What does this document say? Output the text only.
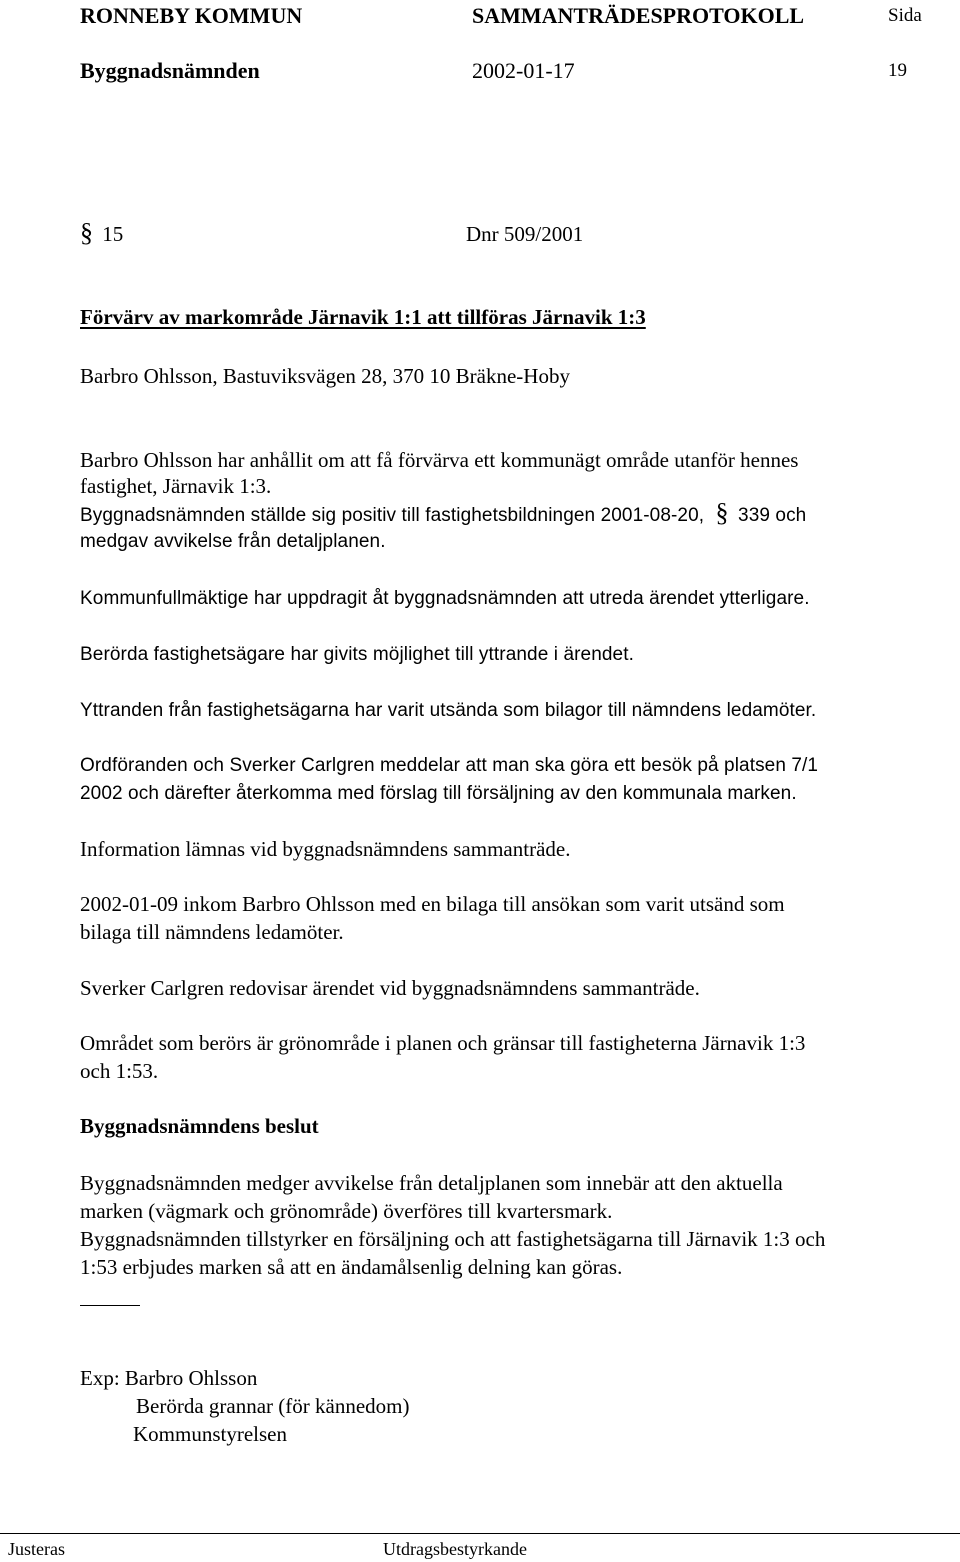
RONNEBY KOMMUN	SAMMANTRÄDESPROTOKOLL	Sida
Byggnadsnämnden	2002-01-17	19
§ 15	Dnr 509/2001
Förvärv av markområde Järnavik 1:1 att tillföras Järnavik 1:3
Barbro Ohlsson, Bastuviksvägen 28, 370 10 Bräkne-Hoby
Barbro Ohlsson har anhållit om att få förvärva ett kommunägt område utanför hennes
fastighet, Järnavik 1:3.
Byggnadsnämnden ställde sig positiv till fastighetsbildningen 2001-08-20, § 339 och
medgav avvikelse från detaljplanen.
Kommunfullmäktige har uppdragit åt byggnadsnämnden att utreda ärendet ytterligare.
Berörda fastighetsägare har givits möjlighet till yttrande i ärendet.
Yttranden från fastighetsägarna har varit utsända som bilagor till nämndens ledamöter.
Ordföranden och Sverker Carlgren meddelar att man ska göra ett besök på platsen 7/1
2002 och därefter återkomma med förslag till försäljning av den kommunala marken.
Information lämnas vid byggnadsnämndens sammanträde.
2002-01-09 inkom Barbro Ohlsson med en bilaga till ansökan som varit utsänd som
bilaga till nämndens ledamöter.
Sverker Carlgren redovisar ärendet vid byggnadsnämndens sammanträde.
Området som berörs är grönområde i planen och gränsar till fastigheterna Järnavik 1:3
och 1:53.
Byggnadsnämndens beslut
Byggnadsnämnden medger avvikelse från detaljplanen som innebär att den aktuella
marken (vägmark och grönområde) överföres till kvartersmark.
Byggnadsnämnden tillstyrker en försäljning och att fastighetsägarna till Järnavik 1:3 och
1:53 erbjudes marken så att en ändamålsenlig delning kan göras.
Exp: Barbro Ohlsson
Berörda grannar (för kännedom)
Kommunstyrelsen
Justeras	Utdragsbestyrkande
